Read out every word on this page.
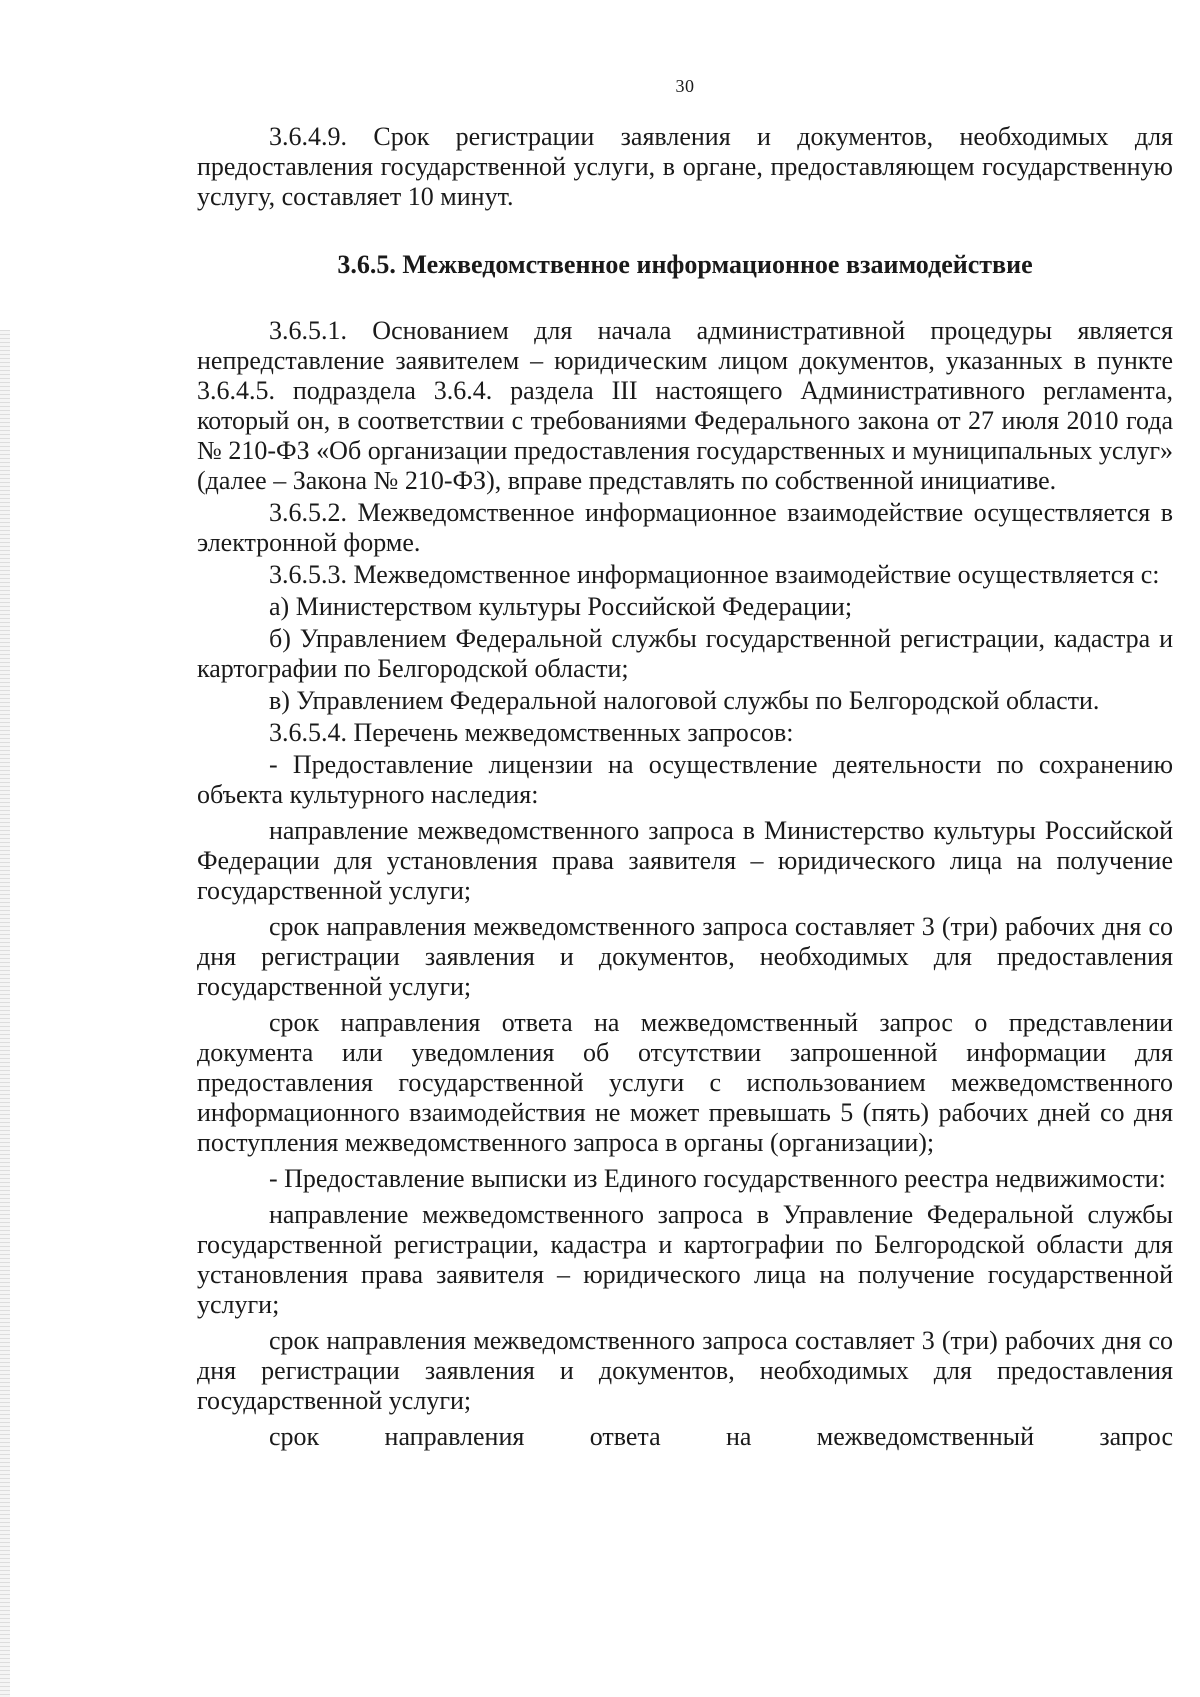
30

3.6.4.9. Срок регистрации заявления и документов, необходимых для предоставления государственной услуги, в органе, предоставляющем государственную услугу, составляет 10 минут.

3.6.5. Межведомственное информационное взаимодействие

3.6.5.1. Основанием для начала административной процедуры является непредставление заявителем – юридическим лицом документов, указанных в пункте 3.6.4.5. подраздела 3.6.4. раздела III настоящего Административного регламента, который он, в соответствии с требованиями Федерального закона от 27 июля 2010 года № 210-ФЗ «Об организации предоставления государственных и муниципальных услуг» (далее – Закона № 210-ФЗ), вправе представлять по собственной инициативе.

3.6.5.2. Межведомственное информационное взаимодействие осуществляется в электронной форме.

3.6.5.3. Межведомственное информационное взаимодействие осуществляется с:

а) Министерством культуры Российской Федерации;

б) Управлением Федеральной службы государственной регистрации, кадастра и картографии по Белгородской области;

в) Управлением Федеральной налоговой службы по Белгородской области.

3.6.5.4. Перечень межведомственных запросов:

- Предоставление лицензии на осуществление деятельности по сохранению объекта культурного наследия:

направление межведомственного запроса в Министерство культуры Российской Федерации для установления права заявителя – юридического лица на получение государственной услуги;

срок направления межведомственного запроса составляет 3 (три) рабочих дня со дня регистрации заявления и документов, необходимых для предоставления государственной услуги;

срок направления ответа на межведомственный запрос о представлении документа или уведомления об отсутствии запрошенной информации для предоставления государственной услуги с использованием межведомственного информационного взаимодействия не может превышать 5 (пять) рабочих дней со дня поступления межведомственного запроса в органы (организации);

- Предоставление выписки из Единого государственного реестра недвижимости:

направление межведомственного запроса в Управление Федеральной службы государственной регистрации, кадастра и картографии по Белгородской области для установления права заявителя – юридического лица на получение государственной услуги;

срок направления межведомственного запроса составляет 3 (три) рабочих дня со дня регистрации заявления и документов, необходимых для предоставления государственной услуги;

срок направления ответа на межведомственный запрос
